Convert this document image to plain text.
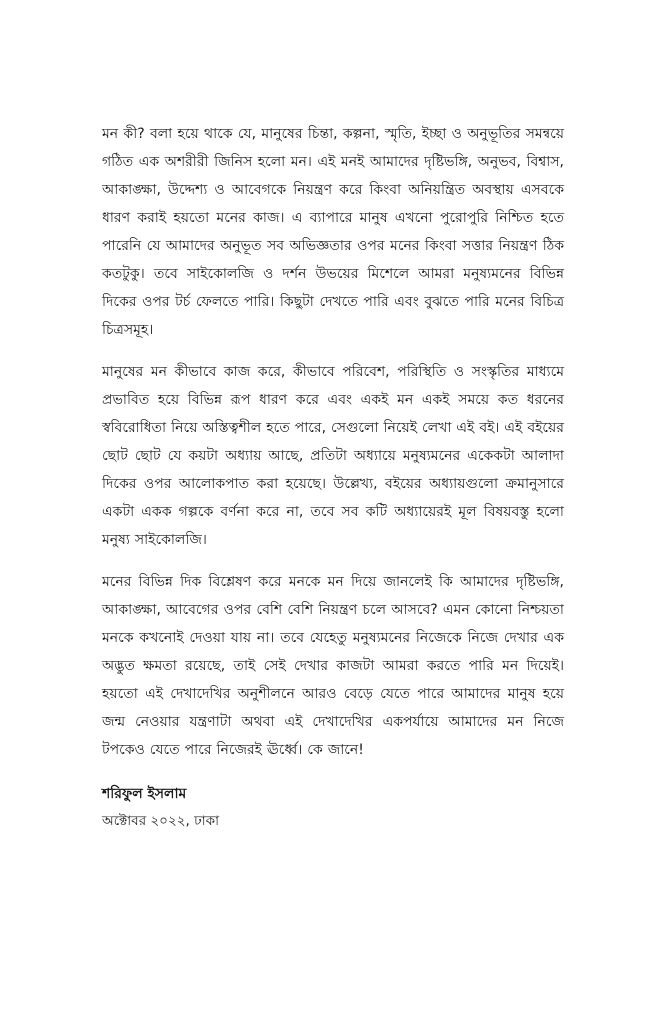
মন কী? বলা হয়ে থাকে যে, মানুষের চিন্তা, কল্পনা, স্মৃতি, ইচ্ছা ও অনুভূতির সমন্বয়ে গঠিত এক অশরীরী জিনিস হলো মন। এই মনই আমাদের দৃষ্টিভঙ্গি, অনুভব, বিশ্বাস, আকাঙ্ক্ষা, উদ্দেশ্য ও আবেগকে নিয়ন্ত্রণ করে কিংবা অনিয়ন্ত্রিত অবস্থায় এসবকে ধারণ করাই হয়তো মনের কাজ। এ ব্যাপারে মানুষ এখনো পুরোপুরি নিশ্চিত হতে পারেনি যে আমাদের অনুভূত সব অভিজ্ঞতার ওপর মনের কিংবা সত্তার নিয়ন্ত্রণ ঠিক কতটুকু। তবে সাইকোলজি ও দর্শন উভয়ের মিশেলে আমরা মনুষ্যমনের বিভিন্ন দিকের ওপর টর্চ ফেলতে পারি। কিছুটা দেখতে পারি এবং বুঝতে পারি মনের বিচিত্র চিত্রসমূহ।

মানুষের মন কীভাবে কাজ করে, কীভাবে পরিবেশ, পরিস্থিতি ও সংস্কৃতির মাধ্যমে প্রভাবিত হয়ে বিভিন্ন রূপ ধারণ করে এবং একই মন একই সময়ে কত ধরনের স্ববিরোধিতা নিয়ে অস্তিত্বশীল হতে পারে, সেগুলো নিয়েই লেখা এই বই। এই বইয়ের ছোট ছোট যে কয়টা অধ্যায় আছে, প্রতিটা অধ্যায়ে মনুষ্যমনের একেকটা আলাদা দিকের ওপর আলোকপাত করা হয়েছে। উল্লেখ্য, বইয়ের অধ্যায়গুলো ক্রমানুসারে একটা একক গল্পকে বর্ণনা করে না, তবে সব কটি অধ্যায়েরই মূল বিষয়বস্তু হলো মনুষ্য সাইকোলজি।

মনের বিভিন্ন দিক বিশ্লেষণ করে মনকে মন দিয়ে জানলেই কি আমাদের দৃষ্টিভঙ্গি, আকাঙ্ক্ষা, আবেগের ওপর বেশি বেশি নিয়ন্ত্রণ চলে আসবে? এমন কোনো নিশ্চয়তা মনকে কখনোই দেওয়া যায় না। তবে যেহেতু মনুষ্যমনের নিজেকে নিজে দেখার এক অদ্ভুত ক্ষমতা রয়েছে, তাই সেই দেখার কাজটা আমরা করতে পারি মন দিয়েই। হয়তো এই দেখাদেখির অনুশীলনে আরও বেড়ে যেতে পারে আমাদের মানুষ হয়ে জন্ম নেওয়ার যন্ত্রণাটা অথবা এই দেখাদেখির একপর্যায়ে আমাদের মন নিজে টপকেও যেতে পারে নিজেরই ঊর্ধ্বে। কে জানে!

শরিফুল ইসলাম

অক্টোবর ২০২২, ঢাকা
